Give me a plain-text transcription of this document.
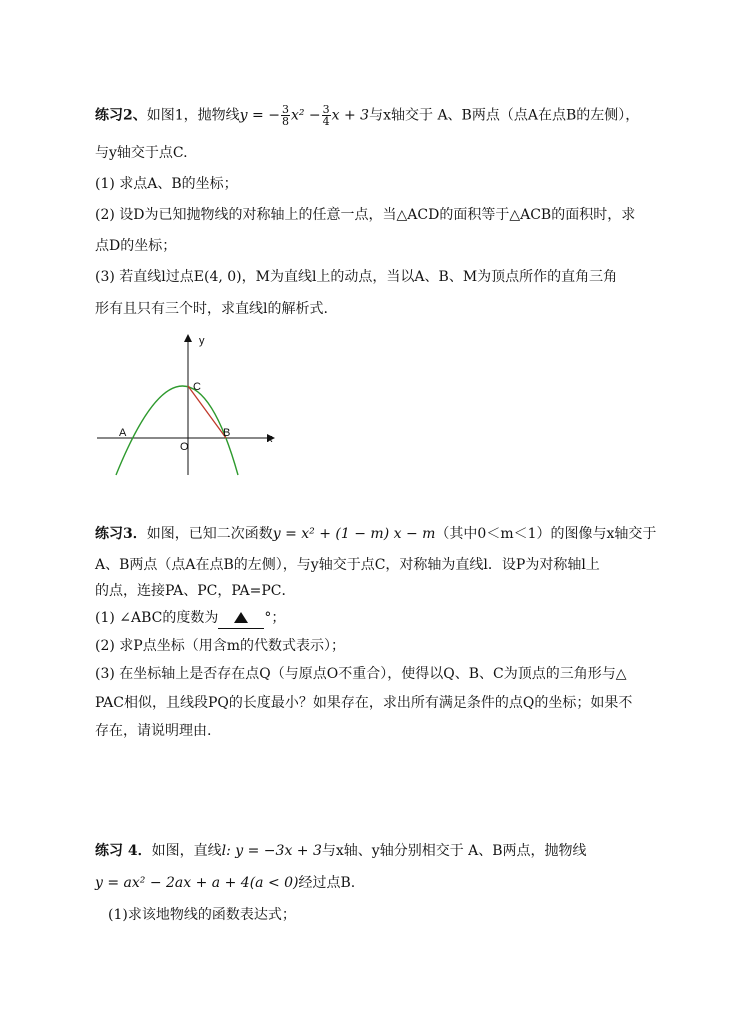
练习2、如图1，抛物线y = − $\frac{3}{8} x^2 - \frac{3}{4}$ x + 3与x轴交于 A、B两点（点A在点B的左侧），
与y轴交于点C.
(1) 求点A、B的坐标；
(2) 设D为已知抛物线的对称轴上的任意一点，当△ACD的面积等于△ACB的面积时，求
点D的坐标；
(3) 若直线l过点E(4, 0)，M为直线l上的动点，当以A、B、M为顶点所作的直角三角
形有且只有三个时，求直线l的解析式.
y
x
A	B
C
O
练习3．如图，已知二次函数y = x² + (1 − m) x − m（其中0＜m＜1）的图像与x轴交于
A、B两点（点A在点B的左侧），与y轴交于点C，对称轴为直线l．设P为对称轴l上
的点，连接PA、PC，PA=PC．
(1) ∠ABC的度数为	°；
(2) 求P点坐标（用含m的代数式表示）；
(3) 在坐标轴上是否存在点Q（与原点O不重合），使得以Q、B、C为顶点的三角形与△
PAC相似，且线段PQ的长度最小？如果存在，求出所有满足条件的点Q的坐标；如果不
存在，请说明理由.
练习 4．如图，直线l: y = −3x + 3与x轴、y轴分别相交于 A、B两点，抛物线
y = ax² − 2ax + a + 4(a < 0)经过点B.
(1)求该地物线的函数表达式；
